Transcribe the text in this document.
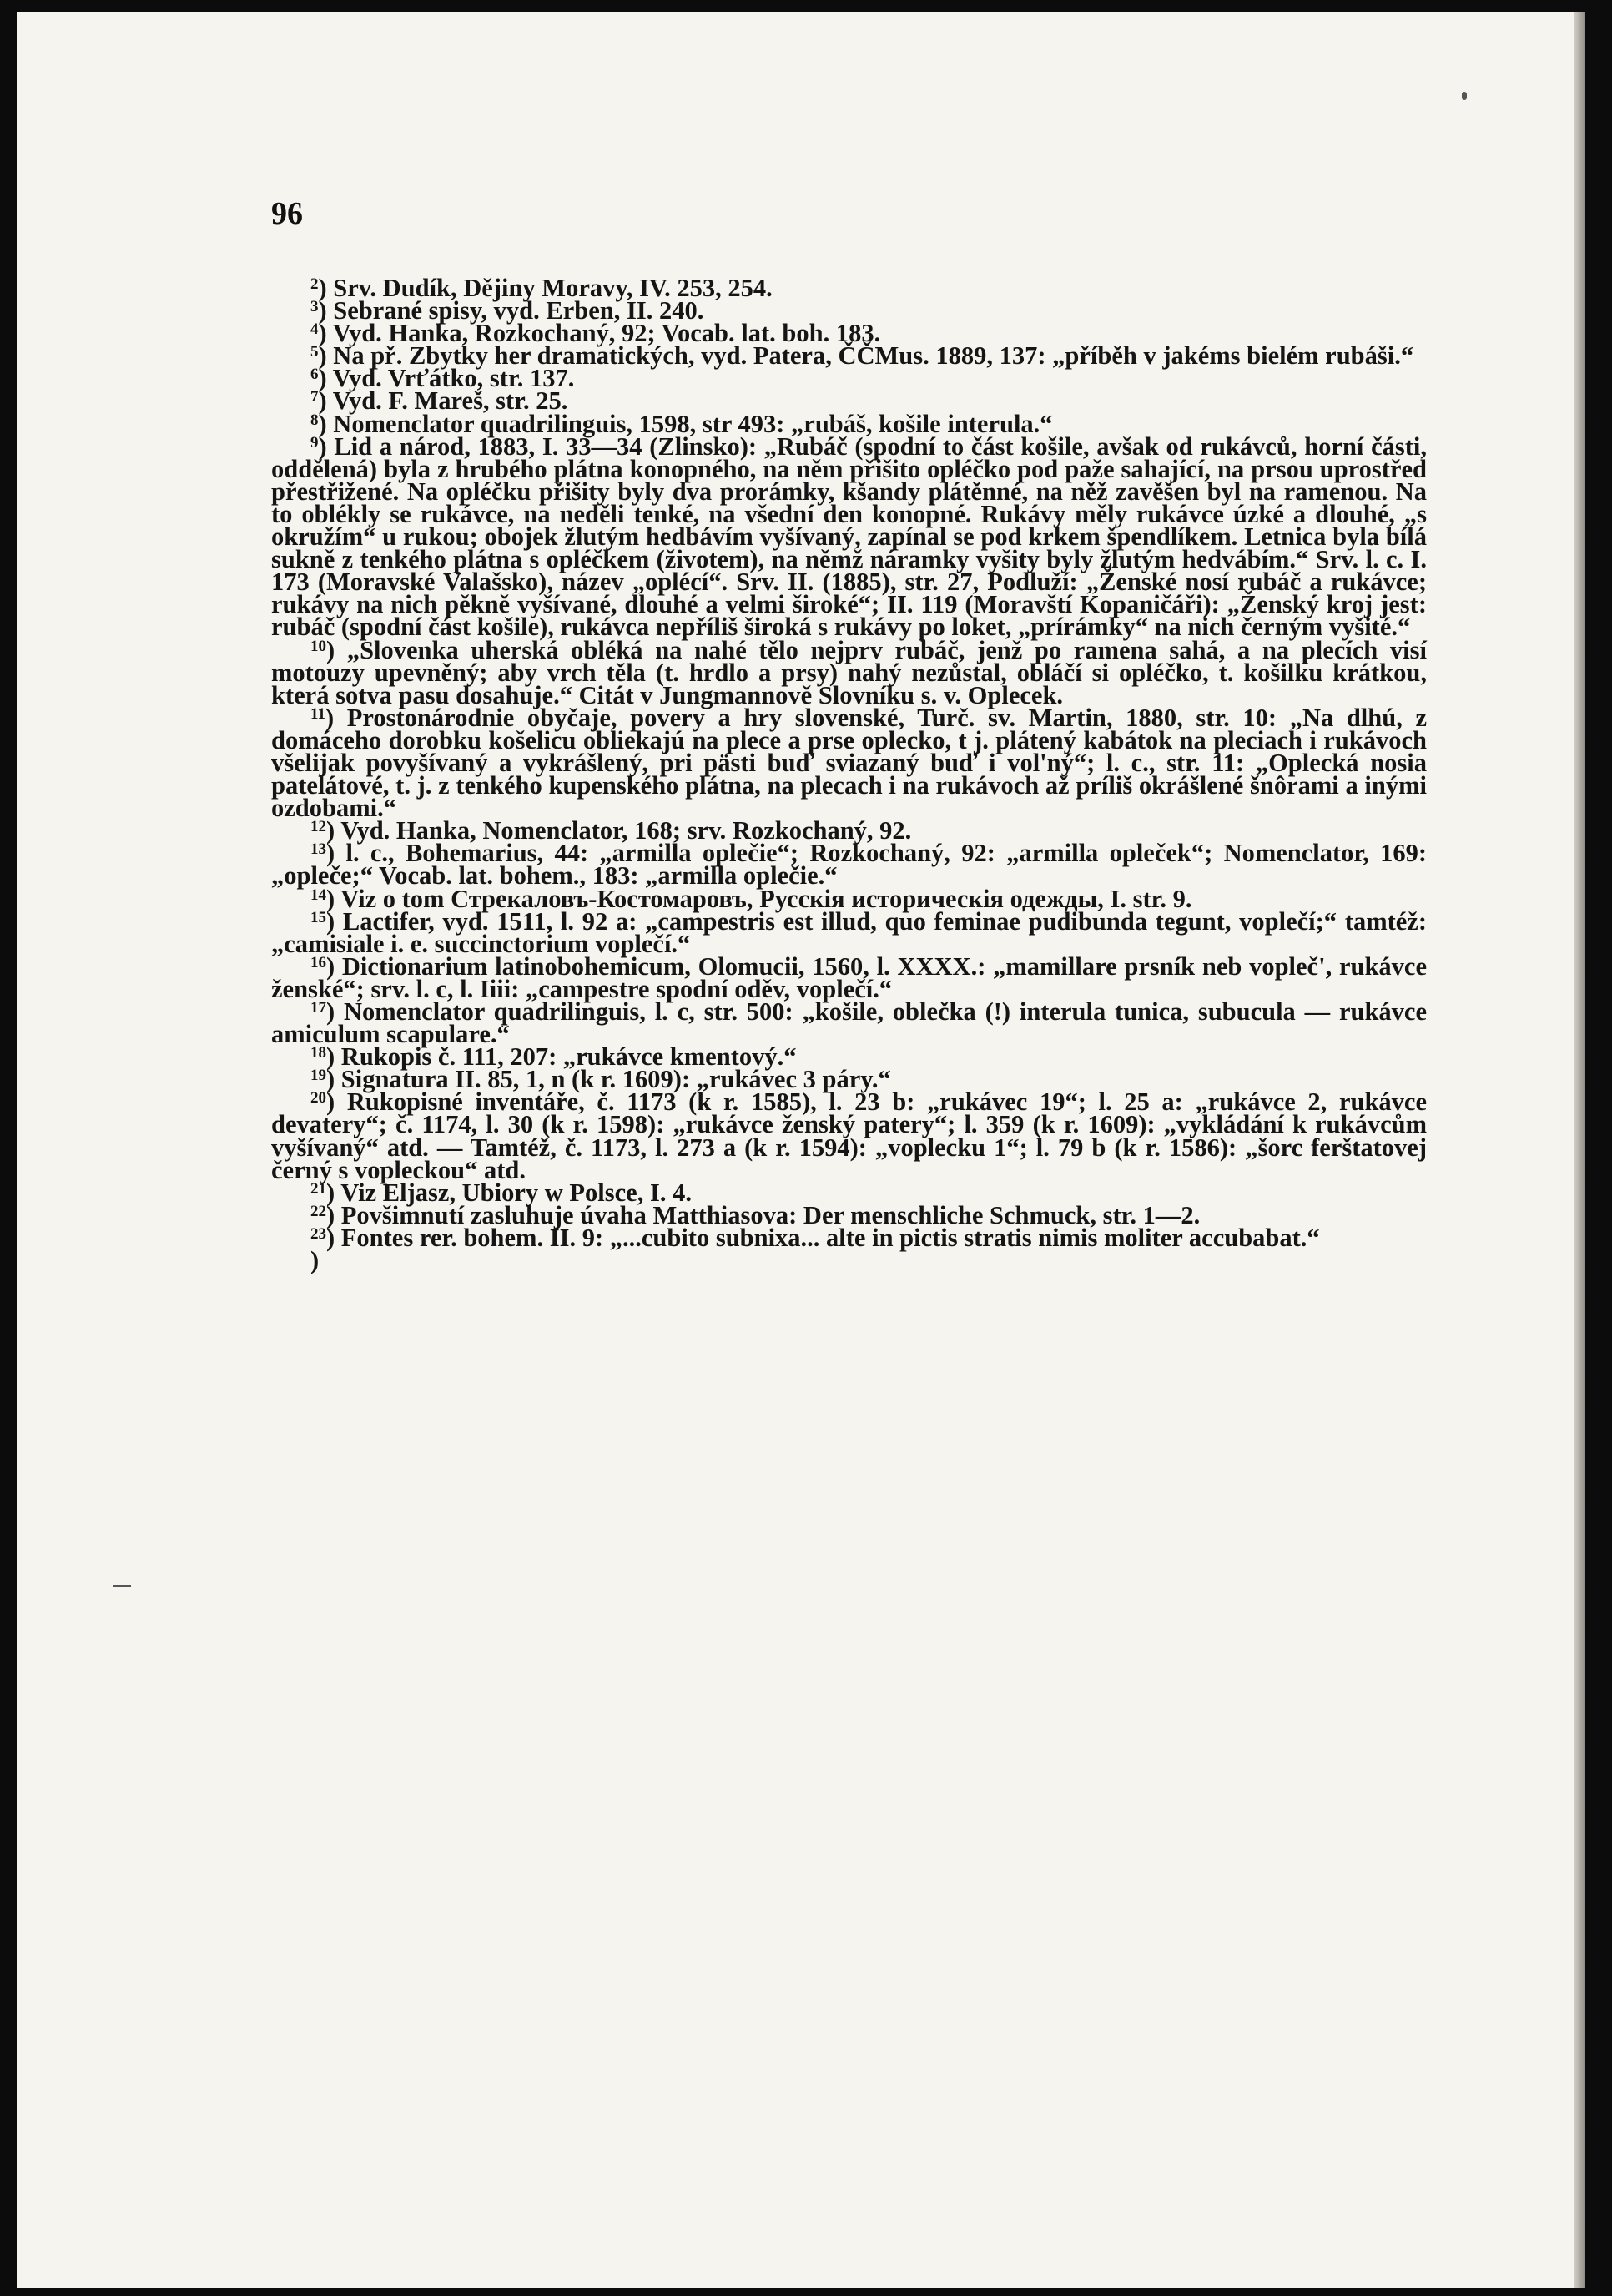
96

$^2$) Srv. Dudík, Dějiny Moravy, IV. 253, 254.

$^3$) Sebrané spisy, vyd. Erben, II. 240.

$^4$) Vyd. Hanka, Rozkochaný, 92; Vocab. lat. boh. 183.

$^5$) Na př. Zbytky her dramatických, vyd. Patera, ČČMus. 1889, 137: „příběh v jakéms bielém rubáši.“

$^6$) Vyd. Vrťátko, str. 137.

$^7$) Vyd. F. Mareš, str. 25.

$^8$) Nomenclator quadrilinguis, 1598, str 493: „rubáš, košile interula.“

$^9$) Lid a národ, 1883, I. 33—34 (Zlinsko): „Rubáč (spodní to část košile, avšak od rukávců, horní části, oddělená) byla z hrubého plátna konopného, na něm přišito opléčko pod paže sahající, na prsou uprostřed přestřižené. Na opléčku přišity byly dva prorámky, kšandy plátěnné, na něž zavěšen byl na ramenou. Na to oblékly se rukávce, na neděli tenké, na všední den konopné. Rukávy měly rukávce úzké a dlouhé, „s okružím“ u rukou; obojek žlutým hedbávím vyšívaný, zapínal se pod krkem špendlíkem. Letnica byla bílá sukně z tenkého plátna s opléčkem (životem), na němž náramky vyšity byly žlutým hedvábím.“ Srv. l. c. I. 173 (Moravské Valašsko), název „oplécí“. Srv. II. (1885), str. 27, Podluží: „Ženské nosí rubáč a rukávce; rukávy na nich pěkně vyšívané, dlouhé a velmi široké“; II. 119 (Moravští Kopaničáři): „Ženský kroj jest: rubáč (spodní část košile), rukávca nepříliš široká s rukávy po loket, „prírámky“ na nich černým vyšité.“

$^{10}$) „Slovenka uherská obléká na nahé tělo nejprv rubáč, jenž po ramena sahá, a na plecích visí motouzy upevněný; aby vrch těla (t. hrdlo a prsy) nahý nezůstal, obláčí si opléčko, t. košilku krátkou, která sotva pasu dosahuje.“ Citát v Jungmannově Slovníku s. v. Oplecek.

$^{11}$) Prostonárodnie obyčaje, povery a hry slovenské, Turč. sv. Martin, 1880, str. 10: „Na dlhú, z domáceho dorobku košelicu obliekajú na plece a prse oplecko, t j. plátený kabátok na pleciach i rukávoch všelijak povyšívaný a vykrášlený, pri pästi buď sviazaný buď i vol'ný“; l. c., str. 11: „Oplecká nosia patelátové, t. j. z tenkého kupenského plátna, na plecach i na rukávoch až príliš okrášlené šnôrami a inými ozdobami.“

$^{12}$) Vyd. Hanka, Nomenclator, 168; srv. Rozkochaný, 92.

$^{13}$) l. c., Bohemarius, 44: „armilla oplečie“; Rozkochaný, 92: „armilla opleček“; Nomenclator, 169: „opleče;“ Vocab. lat. bohem., 183: „armilla oplečie.“

$^{14}$) Viz o tom Стрекаловъ-Костомаровъ, Русскія историческія одежды, I. str. 9.

$^{15}$) Lactifer, vyd. 1511, l. 92 a: „campestris est illud, quo feminae pudibunda tegunt, voplečí;“ tamtéž: „camisiale i. e. succinctorium voplečí.“

$^{16}$) Dictionarium latinobohemicum, Olomucii, 1560, l. XXXX.: „mamillare prsník neb vopleč', rukávce ženské“; srv. l. c, l. Iiii: „campestre spodní oděv, voplečí.“

$^{17}$) Nomenclator quadrilinguis, l. c, str. 500: „košile, oblečka (!) interula tunica, subucula — rukávce amiculum scapulare.“

$^{18}$) Rukopis č. 111, 207: „rukávce kmentový.“

$^{19}$) Signatura II. 85, 1, n (k r. 1609): „rukávec 3 páry.“

$^{20}$) Rukopisné inventáře, č. 1173 (k r. 1585), l. 23 b: „rukávec 19“; l. 25 a: „rukávce 2, rukávce devatery“; č. 1174, l. 30 (k r. 1598): „rukávce ženský patery“; l. 359 (k r. 1609): „vykládání k rukávcům vyšívaný“ atd. — Tamtéž, č. 1173, l. 273 a (k r. 1594): „voplecku 1“; l. 79 b (k r. 1586): „šorc ferštatovej černý s vopleckou“ atd.

$^{21}$) Viz Eljasz, Ubiory w Polsce, I. 4.

$^{22}$) Povšimnutí zasluhuje úvaha Matthiasova: Der menschliche Schmuck, str. 1—2.

$^{23}$) Fontes rer. bohem. II. 9: „...cubito subnixa... alte in pictis stratis nimis moliter accubabat.“

)
